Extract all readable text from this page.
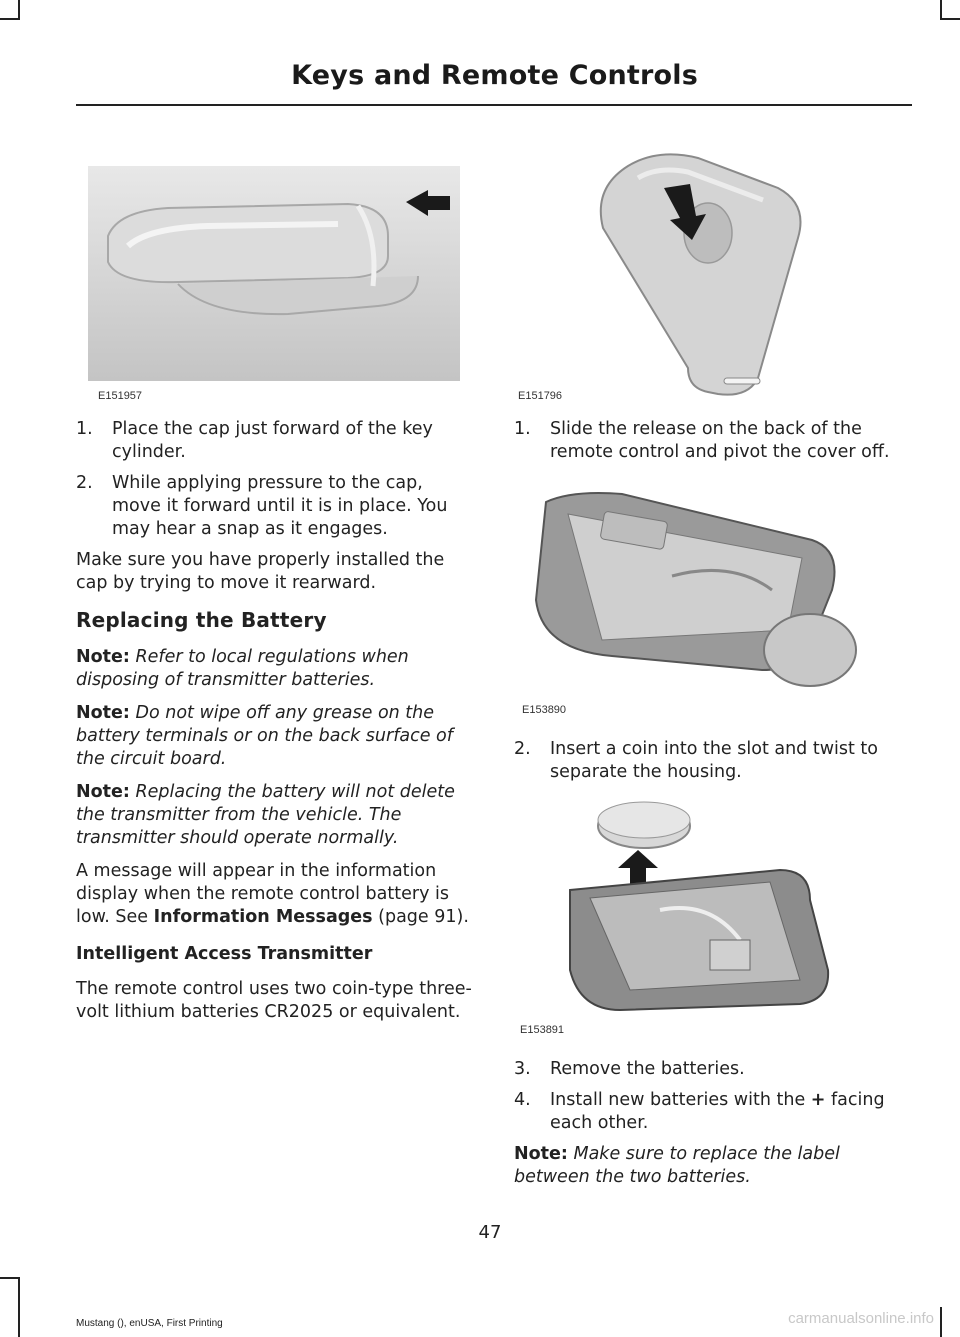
Keys and Remote Controls
E151957	E151796
1. Place the cap just forward of the key cylinder.
2. While applying pressure to the cap, move it forward until it is in place. You may hear a snap as it engages.

Make sure you have properly installed the cap by trying to move it rearward.

Replacing the Battery

Note: Refer to local regulations when disposing of transmitter batteries.

Note: Do not wipe off any grease on the battery terminals or on the back surface of the circuit board.

Note: Replacing the battery will not delete the transmitter from the vehicle. The transmitter should operate normally.

A message will appear in the information display when the remote control battery is low. See Information Messages (page 91).

Intelligent Access Transmitter

The remote control uses two coin-type three-volt lithium batteries CR2025 or equivalent.

1. Slide the release on the back of the remote control and pivot the cover off.
E153890
2. Insert a coin into the slot and twist to separate the housing.
E153891
3. Remove the batteries.
4. Install new batteries with the + facing each other.

Note: Make sure to replace the label between the two batteries.

47
Mustang (), enUSA, First Printing	carmanualsonline.info
